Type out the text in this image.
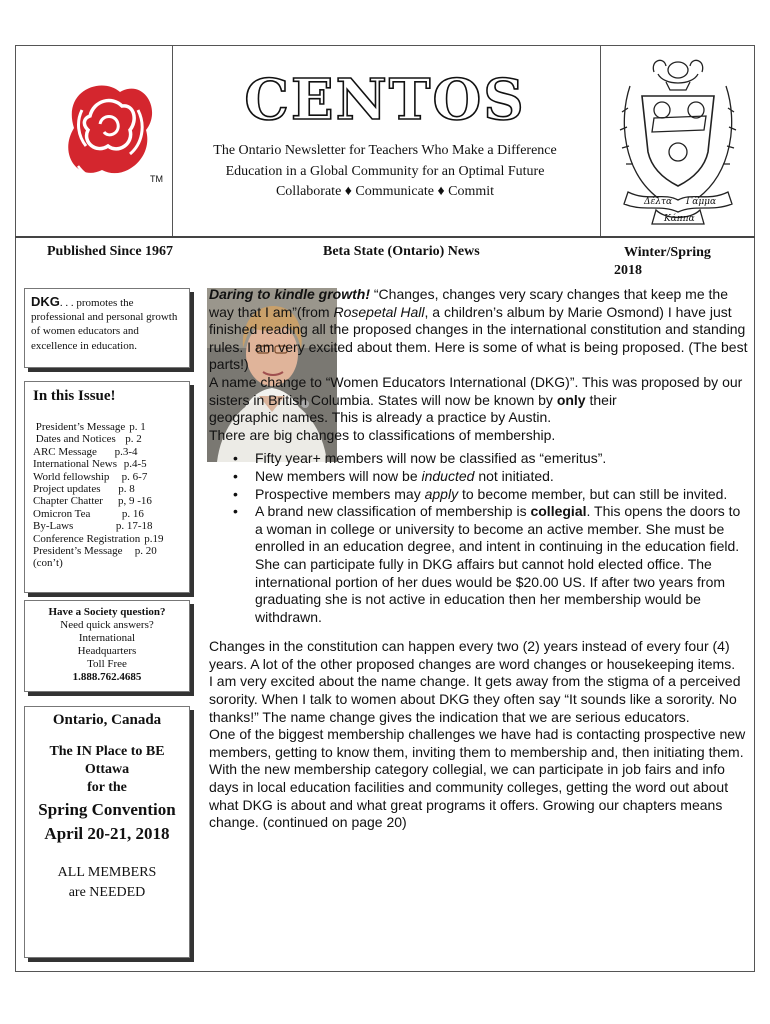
TM
CENTOS
The Ontario Newsletter for Teachers Who Make a Difference
Education in a Global Community for an Optimal Future
Collaborate ♦ Communicate ♦ Commit
Δέλτα Γάμμα
Κάππα
Published Since 1967	Beta State (Ontario) News	Winter/Spring
2018
DKG. . . promotes the professional and personal growth of women educators and excellence in education.
In this Issue!
President’s Message p. 1
Dates and Notices p. 2
ARC Message p.3-4
International News p.4-5
World fellowship p. 6-7
Project updates p. 8
Chapter Chatter p, 9 -16
Omicron Tea p. 16
By-Laws p. 17-18
Conference Registration p.19
President’s Message p. 20
(con’t)
Have a Society question?
Need quick answers?
International
Headquarters
Toll Free
1.888.762.4685
Ontario, Canada
The IN Place to BE
Ottawa
for the
Spring Convention
April 20-21, 2018
ALL MEMBERS
are NEEDED

Daring to kindle growth! “Changes, changes very scary changes that keep me the way that I am”(from Rosepetal Hall, a children’s album by Marie Osmond) I have just finished reading all the proposed changes in the international constitution and standing rules. I am very excited about them. Here is some of what is being proposed. (The best parts!)

A name change to “Women Educators International (DKG)”. This was proposed by our sisters in British Columbia. States will now be known by only their

geographic names. This is already a practice by Austin.

There are big changes to classifications of membership.

• Fifty year+ members will now be classified as “emeritus”.
• New members will now be inducted not initiated.
• Prospective members may apply to become member, but can still be invited.
• A brand new classification of membership is collegial. This opens the doors to a woman in college or university to become an active member. She must be enrolled in an education degree, and intent in continuing in the education field. She can participate fully in DKG affairs but cannot hold elected office. The international portion of her dues would be $20.00 US. If after two years from graduating she is not active in education then her membership would be withdrawn.

Changes in the constitution can happen every two (2) years instead of every four (4) years. A lot of the other proposed changes are word changes or housekeeping items.

I am very excited about the name change. It gets away from the stigma of a perceived sorority. When I talk to women about DKG they often say “It sounds like a sorority. No thanks!” The name change gives the indication that we are serious educators.

One of the biggest membership challenges we have had is contacting prospective new members, getting to know them, inviting them to membership and, then initiating them. With the new membership category collegial, we can participate in job fairs and info days in local education facilities and community colleges, getting the word out about what DKG is about and what great programs it offers. Growing our chapters means change. (continued on page 20)
